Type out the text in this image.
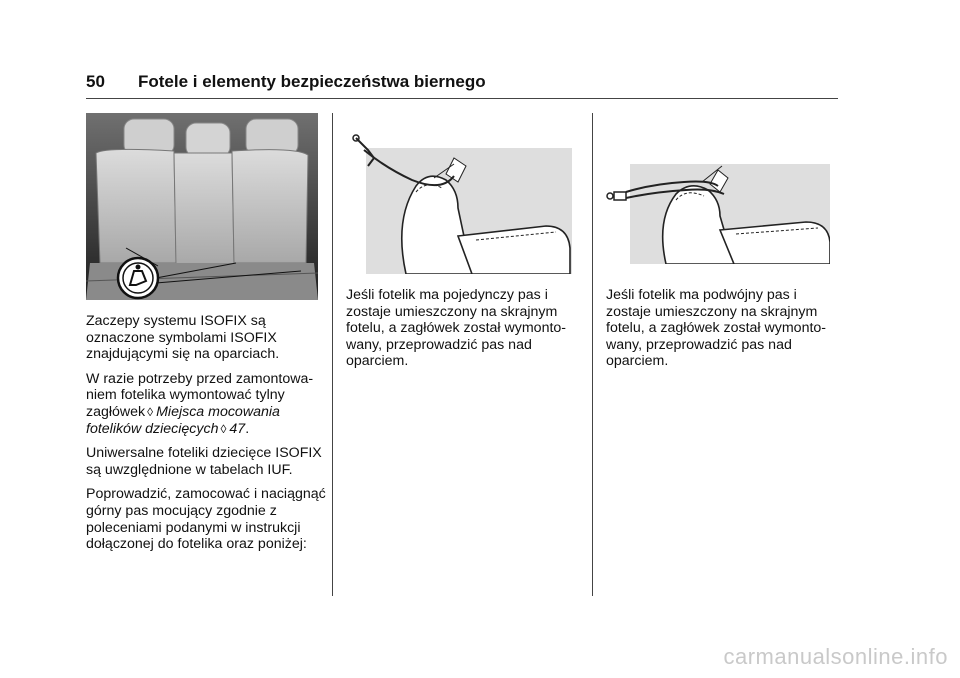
50 Fotele i elementy bezpieczeństwa biernego

Zaczepy systemu ISOFIX są oznaczone symbolami ISOFIX znajdującymi się na oparciach.

W razie potrzeby przed zamontowa-niem fotelika wymontować tylny zagłówek ◊ Miejsca mocowania fotelików dziecięcych ◊ 47.

Uniwersalne foteliki dziecięce ISOFIX są uwzględnione w tabelach IUF.

Poprowadzić, zamocować i naciągnąć górny pas mocujący zgodnie z poleceniami podanymi w instrukcji dołączonej do fotelika oraz poniżej:

Jeśli fotelik ma pojedynczy pas i zostaje umieszczony na skrajnym fotelu, a zagłówek został wymonto-wany, przeprowadzić pas nad oparciem.

Jeśli fotelik ma podwójny pas i zostaje umieszczony na skrajnym fotelu, a zagłówek został wymonto-wany, przeprowadzić pas nad oparciem.

carmanualsonline.info
